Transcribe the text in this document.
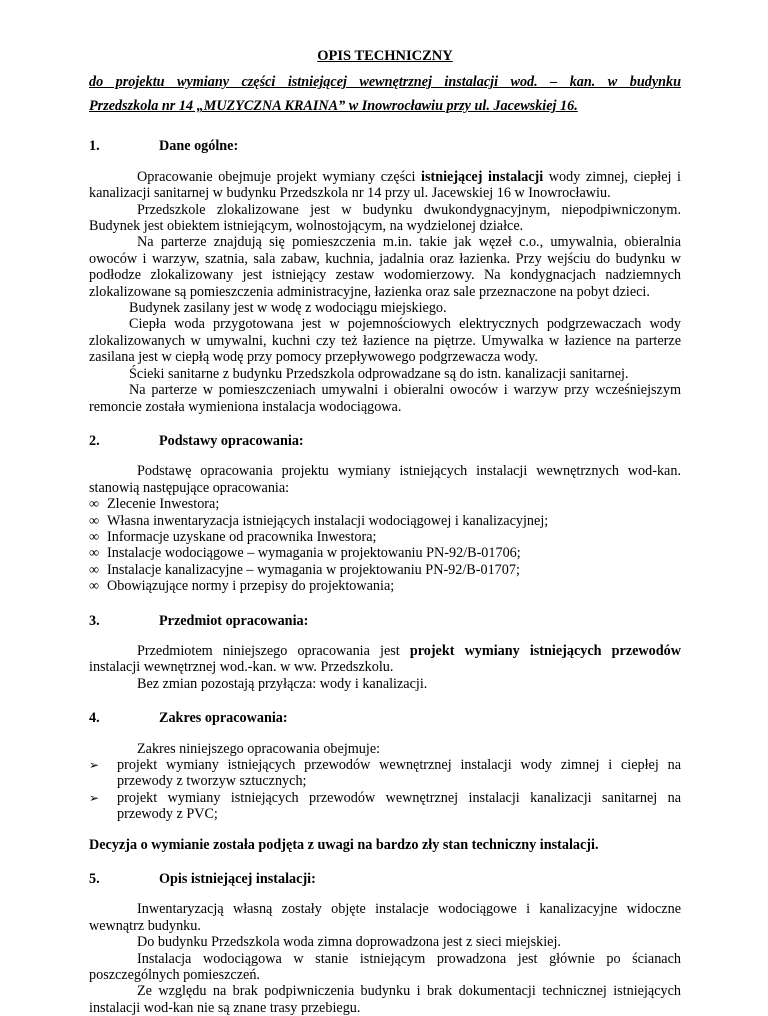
OPIS TECHNICZNY
do projektu wymiany części istniejącej wewnętrznej instalacji wod. – kan. w budynku
Przedszkola nr 14 „MUZYCZNA KRAINA” w Inowrocławiu przy ul. Jacewskiej 16.
1.	Dane ogólne:

Opracowanie obejmuje projekt wymiany części istniejącej instalacji wody zimnej, ciepłej i kanalizacji sanitarnej w budynku Przedszkola nr 14 przy ul. Jacewskiej 16 w Inowrocławiu.

Przedszkole zlokalizowane jest w budynku dwukondygnacyjnym, niepodpiwniczonym. Budynek jest obiektem istniejącym, wolnostojącym, na wydzielonej działce.

Na parterze znajdują się pomieszczenia m.in. takie jak węzeł c.o., umywalnia, obieralnia owoców i warzyw, szatnia, sala zabaw, kuchnia, jadalnia oraz łazienka. Przy wejściu do budynku w podłodze zlokalizowany jest istniejący zestaw wodomierzowy. Na kondygnacjach nadziemnych zlokalizowane są pomieszczenia administracyjne, łazienka oraz sale przeznaczone na pobyt dzieci.

Budynek zasilany jest w wodę z wodociągu miejskiego.

Ciepła woda przygotowana jest w pojemnościowych elektrycznych podgrzewaczach wody zlokalizowanych w umywalni, kuchni czy też łazience na piętrze. Umywalka w łazience na parterze zasilana jest w ciepłą wodę przy pomocy przepływowego podgrzewacza wody.

Ścieki sanitarne z budynku Przedszkola odprowadzane są do istn. kanalizacji sanitarnej.

Na parterze w pomieszczeniach umywalni i obieralni owoców i warzyw przy wcześniejszym remoncie została wymieniona instalacja wodociągowa.

2.	Podstawy opracowania:

Podstawę opracowania projektu wymiany istniejących instalacji wewnętrznych wod-kan. stanowią następujące opracowania:

∞ Zlecenie Inwestora;
∞ Własna inwentaryzacja istniejących instalacji wodociągowej i kanalizacyjnej;
∞ Informacje uzyskane od pracownika Inwestora;
∞ Instalacje wodociągowe – wymagania w projektowaniu PN-92/B-01706;
∞ Instalacje kanalizacyjne – wymagania w projektowaniu PN-92/B-01707;
∞ Obowiązujące normy i przepisy do projektowania;
3.	Przedmiot opracowania:

Przedmiotem niniejszego opracowania jest projekt wymiany istniejących przewodów instalacji wewnętrznej wod.-kan. w ww. Przedszkolu.

Bez zmian pozostają przyłącza: wody i kanalizacji.

4.	Zakres opracowania:

Zakres niniejszego opracowania obejmuje:

➢ projekt wymiany istniejących przewodów wewnętrznej instalacji wody zimnej i ciepłej na przewody z tworzyw sztucznych;
➢ projekt wymiany istniejących przewodów wewnętrznej instalacji kanalizacji sanitarnej na przewody z PVC;

Decyzja o wymianie została podjęta z uwagi na bardzo zły stan techniczny instalacji.

5.	Opis istniejącej instalacji:

Inwentaryzacją własną zostały objęte instalacje wodociągowe i kanalizacyjne widoczne wewnątrz budynku.

Do budynku Przedszkola woda zimna doprowadzona jest z sieci miejskiej.

Instalacja wodociągowa w stanie istniejącym prowadzona jest głównie po ścianach poszczególnych pomieszczeń.

Ze względu na brak podpiwniczenia budynku i brak dokumentacji technicznej istniejących instalacji wod-kan nie są znane trasy przebiegu.
